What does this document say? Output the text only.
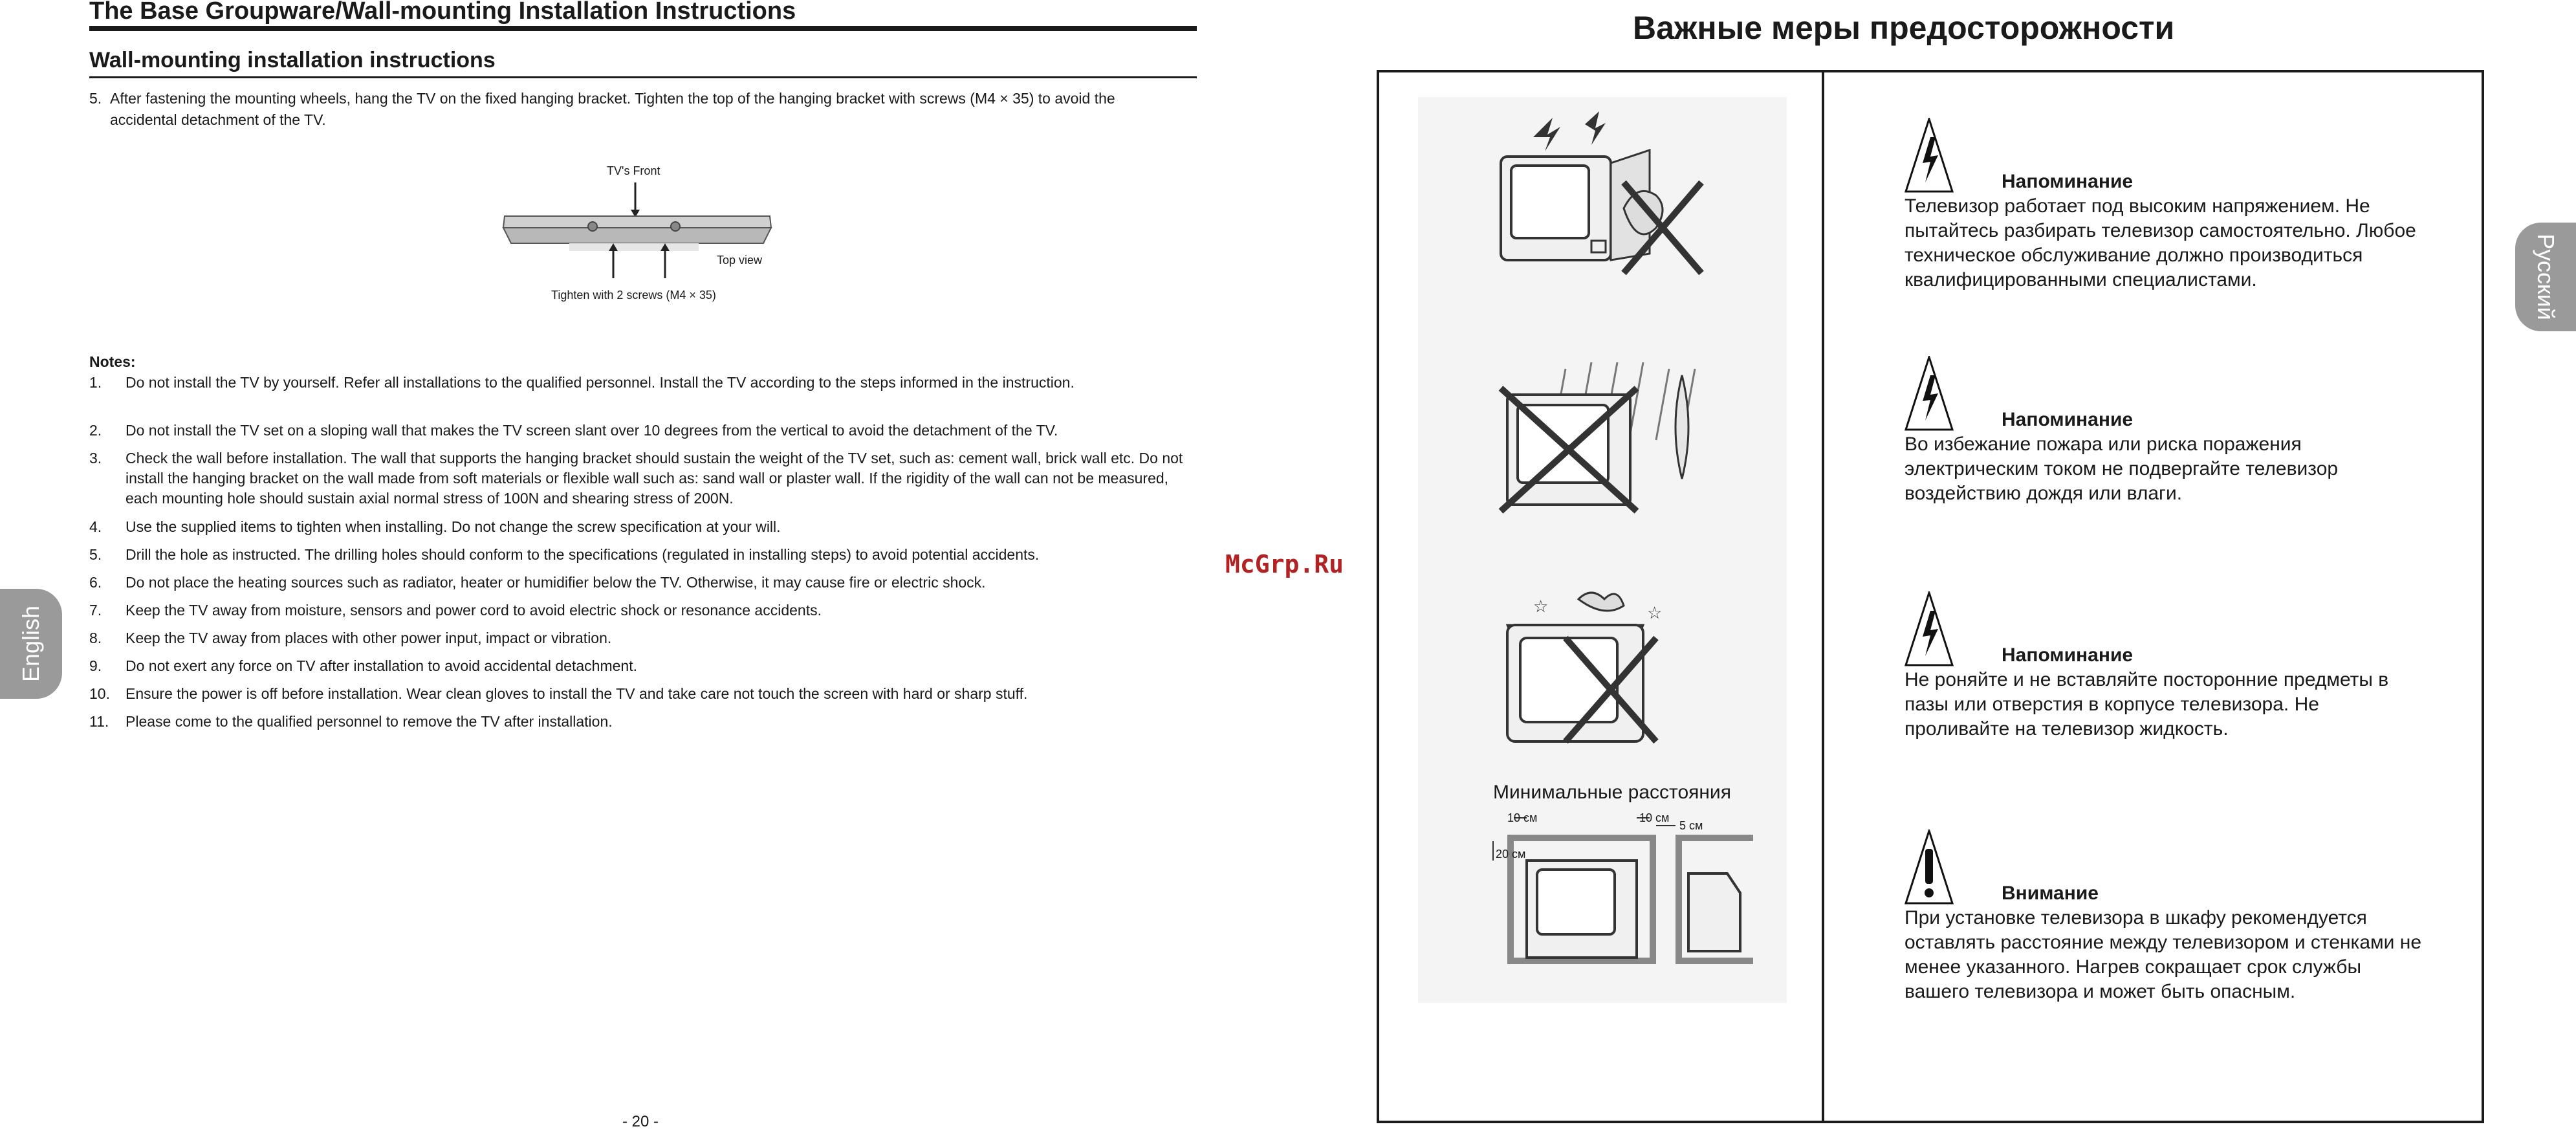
The Base Groupware/Wall-mounting Installation Instructions
Wall-mounting installation instructions
5. After fastening the mounting wheels, hang the TV on the fixed hanging bracket. Tighten the top of the hanging bracket with screws (M4 × 35) to avoid the accidental detachment of the TV.
TV's Front
Top view
Tighten with 2 screws (M4 × 35)
Notes:
1. Do not install the TV by yourself. Refer all installations to the qualified personnel. Install the TV according to the steps informed in the instruction.
2. Do not install the TV set on a sloping wall that makes the TV screen slant over 10 degrees from the vertical to avoid the detachment of the TV.
3. Check the wall before installation. The wall that supports the hanging bracket should sustain the weight of the TV set, such as: cement wall, brick wall etc. Do not install the hanging bracket on the wall made from soft materials or flexible wall such as: sand wall or plaster wall. If the rigidity of the wall can not be measured, each mounting hole should sustain axial normal stress of 100N and shearing stress of 200N.
4. Use the supplied items to tighten when installing. Do not change the screw specification at your will.
5. Drill the hole as instructed. The drilling holes should conform to the specifications (regulated in installing steps) to avoid potential accidents.
6. Do not place the heating sources such as radiator, heater or humidifier below the TV. Otherwise, it may cause fire or electric shock.
7. Keep the TV away from moisture, sensors and power cord to avoid electric shock or resonance accidents.
8. Keep the TV away from places with other power input, impact or vibration.
9. Do not exert any force on TV after installation to avoid accidental detachment.
10. Ensure the power is off before installation. Wear clean gloves to install the TV and take care not touch the screen with hard or sharp stuff.
11. Please come to the qualified personnel to remove the TV after installation.
- 20 -
English
McGrp.Ru
Важные меры предосторожности
☆	☆
Минимальные расстояния
10 см	10 см
5 см
20 см
Напоминание
Телевизор работает под высоким напряжением. Не пытайтесь разбирать телевизор самостоятельно. Любое техническое обслуживание должно производиться квалифицированными специалистами.
Напоминание
Во избежание пожара или риска поражения электрическим током не подвергайте телевизор воздействию дождя или влаги.
Напоминание
Не роняйте и не вставляйте посторонние предметы в пазы или отверстия в корпусе телевизора. Не проливайте на телевизор жидкость.
Внимание
При установке телевизора в шкафу рекомендуется оставлять расстояние между телевизором и стенками не менее указанного. Нагрев сокращает срок службы вашего телевизора и может быть опасным.
Русский
